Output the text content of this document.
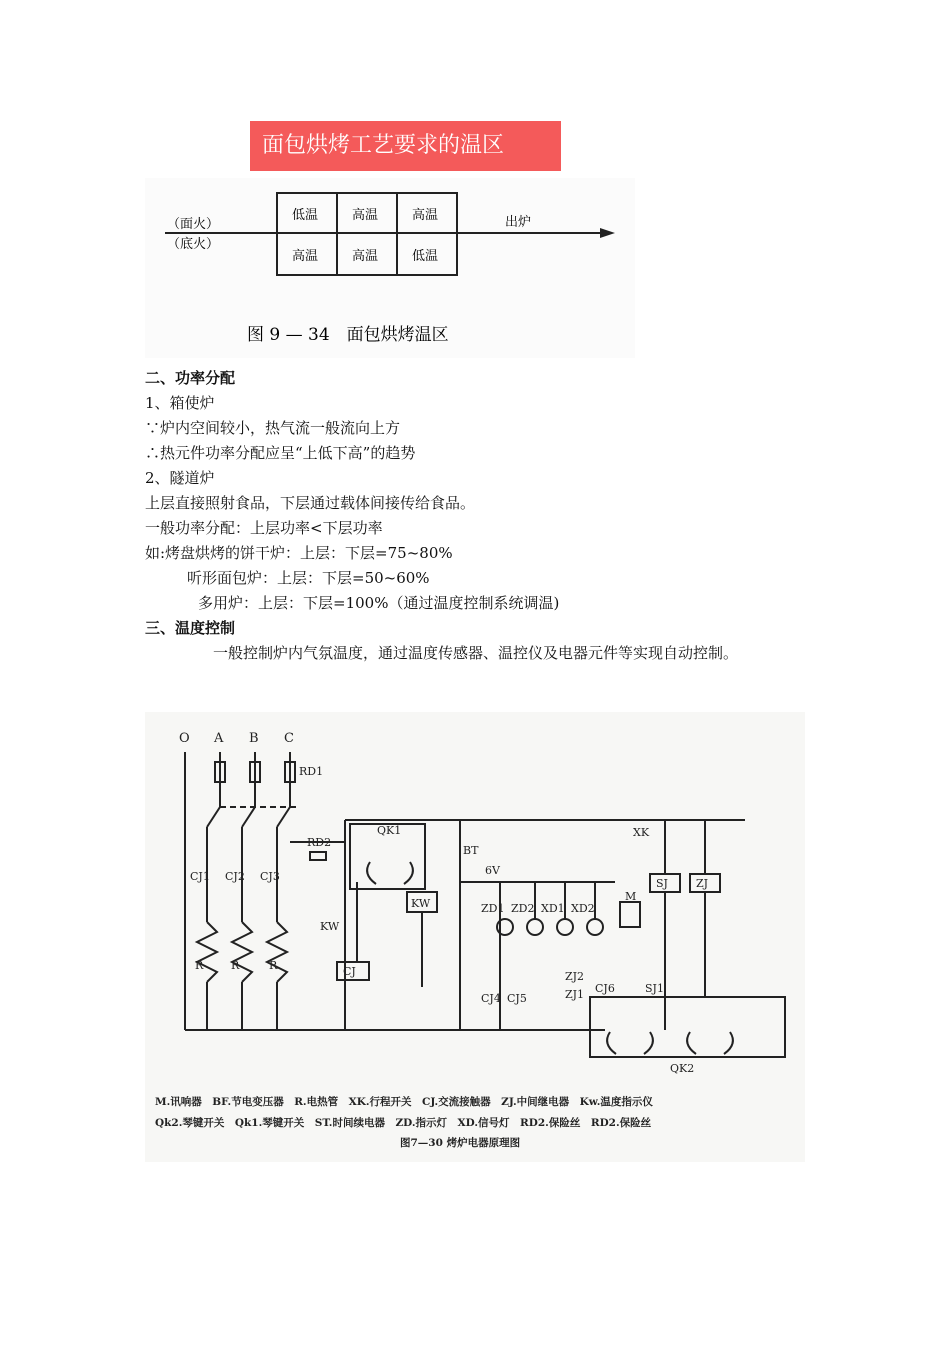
面包烘烤工艺要求的温区
（面火）
（底火）
低温	高温	高温
高温	高温	低温
出炉
图 9 — 34　面包烘烤温区
二、功率分配
1、箱使炉
∵炉内空间较小，热气流一般流向上方
∴热元件功率分配应呈“上低下高”的趋势
2、隧道炉
上层直接照射食品，下层通过载体间接传给食品。
一般功率分配：上层功率<下层功率
如:烤盘烘烤的饼干炉：上层：下层=75~80%
听形面包炉：上层：下层=50~60%
多用炉：上层：下层=100%（通过温度控制系统调温)
三、温度控制
一般控制炉内气氛温度，通过温度传感器、温控仪及电器元件等实现自动控制。
O A B C
RD1
RD2
QK1
BT
6V
XK
SJ	ZJ
KW
KW
CJ
M
CJ1 CJ2 CJ3
R	R	R
ZD1 ZD2 XD1 XD2
CJ4 CJ5
ZJ2
ZJ1 CJ6	SJ1
QK2
M.讯响器　BF.节电变压器　R.电热管　XK.行程开关　CJ.交流接触器　ZJ.中间继电器　Kw.温度指示仪
Qk2.琴键开关　Qk1.琴键开关　ST.时间续电器　ZD.指示灯　XD.信号灯　RD2.保险丝　RD2.保险丝
图7—30 烤炉电器原理图
